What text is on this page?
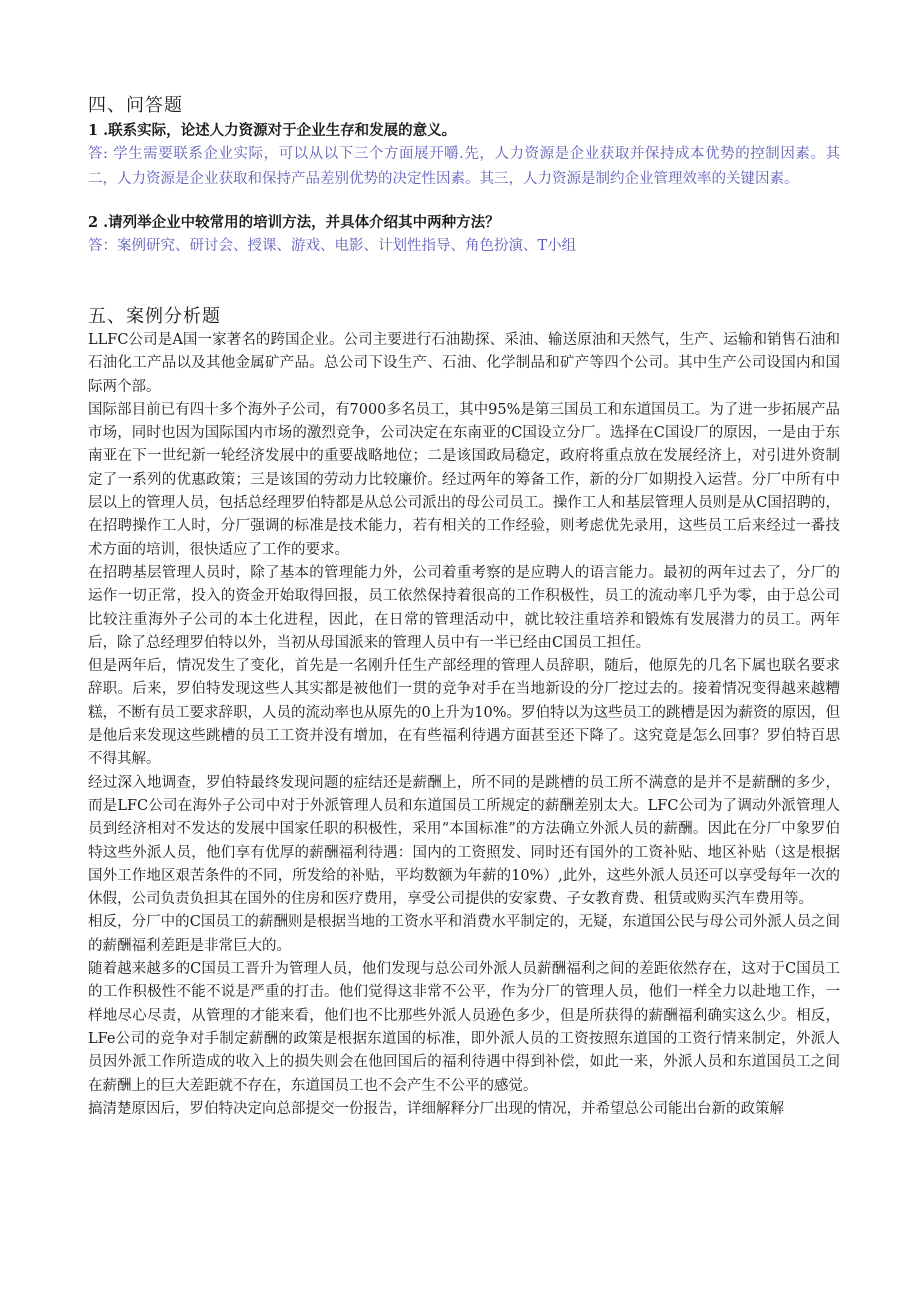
四、问答题

1 .联系实际，论述人力资源对于企业生存和发展的意义。

答: 学生需要联系企业实际，可以从以下三个方面展开嚼.先，人力资源是企业获取并保持成本优势的控制因素。其二，人力资源是企业获取和保持产品差别优势的决定性因素。其三，人力资源是制约企业管理效率的关键因素。

2 .请列举企业中较常用的培训方法，并具体介绍其中两种方法？

答：案例研究、研讨会、授课、游戏、电影、计划性指导、角色扮演、T小组

五、案例分析题

LLFC公司是A国一家著名的跨国企业。公司主要进行石油勘探、采油、输送原油和天然气，生产、运输和销售石油和石油化工产品以及其他金属矿产品。总公司下设生产、石油、化学制品和矿产等四个公司。其中生产公司设国内和国际两个部。

国际部目前已有四十多个海外子公司，有7000多名员工，其中95%是第三国员工和东道国员工。为了进一步拓展产品市场，同时也因为国际国内市场的激烈竞争，公司决定在东南亚的C国设立分厂。选择在C国设厂的原因，一是由于东南亚在下一世纪新一轮经济发展中的重要战略地位；二是该国政局稳定，政府将重点放在发展经济上，对引进外资制定了一系列的优惠政策；三是该国的劳动力比较廉价。经过两年的筹备工作，新的分厂如期投入运营。分厂中所有中层以上的管理人员，包括总经理罗伯特都是从总公司派出的母公司员工。操作工人和基层管理人员则是从C国招聘的，在招聘操作工人时，分厂强调的标准是技术能力，若有相关的工作经验，则考虑优先录用，这些员工后来经过一番技术方面的培训，很快适应了工作的要求。

在招聘基层管理人员时，除了基本的管理能力外，公司着重考察的是应聘人的语言能力。最初的两年过去了，分厂的运作一切正常，投入的资金开始取得回报，员工依然保持着很高的工作积极性，员工的流动率几乎为零，由于总公司比较注重海外子公司的本土化进程，因此，在日常的管理活动中，就比较注重培养和锻炼有发展潜力的员工。两年后，除了总经理罗伯特以外，当初从母国派来的管理人员中有一半已经由C国员工担任。

但是两年后，情况发生了变化，首先是一名刚升任生产部经理的管理人员辞职，随后，他原先的几名下属也联名要求辞职。后来，罗伯特发现这些人其实都是被他们一贯的竞争对手在当地新设的分厂挖过去的。接着情况变得越来越糟糕，不断有员工要求辞职，人员的流动率也从原先的0上升为10%。罗伯特以为这些员工的跳槽是因为薪资的原因，但是他后来发现这些跳槽的员工工资并没有增加，在有些福利待遇方面甚至还下降了。这究竟是怎么回事？罗伯特百思不得其解。

经过深入地调查，罗伯特最终发现问题的症结还是薪酬上，所不同的是跳槽的员工所不满意的是并不是薪酬的多少，而是LFC公司在海外子公司中对于外派管理人员和东道国员工所规定的薪酬差别太大。LFC公司为了调动外派管理人员到经济相对不发达的发展中国家任职的积极性，采用“本国标准”的方法确立外派人员的薪酬。因此在分厂中象罗伯特这些外派人员，他们享有优厚的薪酬福利待遇：国内的工资照发、同时还有国外的工资补贴、地区补贴（这是根据国外工作地区艰苦条件的不同，所发给的补贴，平均数额为年薪的10%）,此外，这些外派人员还可以享受每年一次的休假，公司负责负担其在国外的住房和医疗费用，享受公司提供的安家费、子女教育费、租赁或购买汽车费用等。

相反，分厂中的C国员工的薪酬则是根据当地的工资水平和消费水平制定的，无疑，东道国公民与母公司外派人员之间的薪酬福利差距是非常巨大的。

随着越来越多的C国员工晋升为管理人员，他们发现与总公司外派人员薪酬福利之间的差距依然存在，这对于C国员工的工作积极性不能不说是严重的打击。他们觉得这非常不公平，作为分厂的管理人员，他们一样全力以赴地工作，一样地尽心尽责，从管理的才能来看，他们也不比那些外派人员逊色多少，但是所获得的薪酬福利确实这么少。相反，LFe公司的竞争对手制定薪酬的政策是根据东道国的标准，即外派人员的工资按照东道国的工资行情来制定，外派人员因外派工作所造成的收入上的损失则会在他回国后的福利待遇中得到补偿，如此一来，外派人员和东道国员工之间在薪酬上的巨大差距就不存在，东道国员工也不会产生不公平的感觉。

搞清楚原因后，罗伯特决定向总部提交一份报告，详细解释分厂出现的情况，并希望总公司能出台新的政策解
